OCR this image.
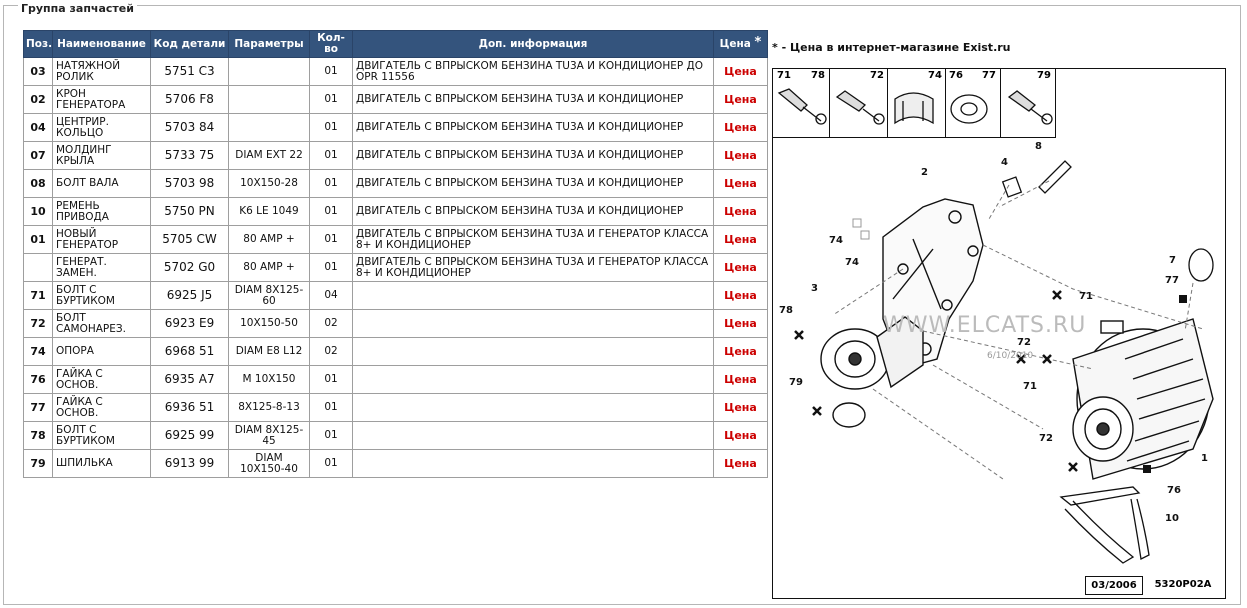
Группа запчастей
Поз.	Наименование	Код детали	Параметры	Кол-во	Доп. информация	Цена *
03	НАТЯЖНОЙ РОЛИК	5751 C3		01	ДВИГАТЕЛЬ С ВПРЫСКОМ БЕНЗИНА TU3A И КОНДИЦИОНЕР ДО OPR 11556	Цена
02	КРОН ГЕНЕРАТОРА	5706 F8		01	ДВИГАТЕЛЬ С ВПРЫСКОМ БЕНЗИНА TU3A И КОНДИЦИОНЕР	Цена
04	ЦЕНТРИР. КОЛЬЦО	5703 84		01	ДВИГАТЕЛЬ С ВПРЫСКОМ БЕНЗИНА TU3A И КОНДИЦИОНЕР	Цена
07	МОЛДИНГ КРЫЛА	5733 75	DIAM EXT 22	01	ДВИГАТЕЛЬ С ВПРЫСКОМ БЕНЗИНА TU3A И КОНДИЦИОНЕР	Цена
08	БОЛТ ВАЛА	5703 98	10X150-28	01	ДВИГАТЕЛЬ С ВПРЫСКОМ БЕНЗИНА TU3A И КОНДИЦИОНЕР	Цена
10	РЕМЕНЬ ПРИВОДА	5750 PN	K6 LE 1049	01	ДВИГАТЕЛЬ С ВПРЫСКОМ БЕНЗИНА TU3A И КОНДИЦИОНЕР	Цена
01	НОВЫЙ ГЕНЕРАТОР	5705 CW	80 AMP +	01	ДВИГАТЕЛЬ С ВПРЫСКОМ БЕНЗИНА TU3A И ГЕНЕРАТОР КЛАССА 8+ И КОНДИЦИОНЕР	Цена
	ГЕНЕРАТ. ЗАМЕН.	5702 G0	80 AMP +	01	ДВИГАТЕЛЬ С ВПРЫСКОМ БЕНЗИНА TU3A И ГЕНЕРАТОР КЛАССА 8+ И КОНДИЦИОНЕР	Цена
71	БОЛТ С БУРТИКОМ	6925 J5	DIAM 8X125-60	04		Цена
72	БОЛТ САМОНАРЕЗ.	6923 E9	10X150-50	02		Цена
74	ОПОРА	6968 51	DIAM E8 L12	02		Цена
76	ГАЙКА С ОСНОВ.	6935 A7	M 10X150	01		Цена
77	ГАЙКА С ОСНОВ.	6936 51	8X125-8-13	01		Цена
78	БОЛТ С БУРТИКОМ	6925 99	DIAM 8X125-45	01		Цена
79	ШПИЛЬКА	6913 99	DIAM 10X150-40	01		Цена
* - Цена в интернет-магазине Exist.ru
71 78	72	74 76 77	79
2
4
8
7
77
74
74
3
78
71
72
71
79
72
1
76
10
WWW.ELCATS.RU
6/10/2010
03/2006	5320P02A
